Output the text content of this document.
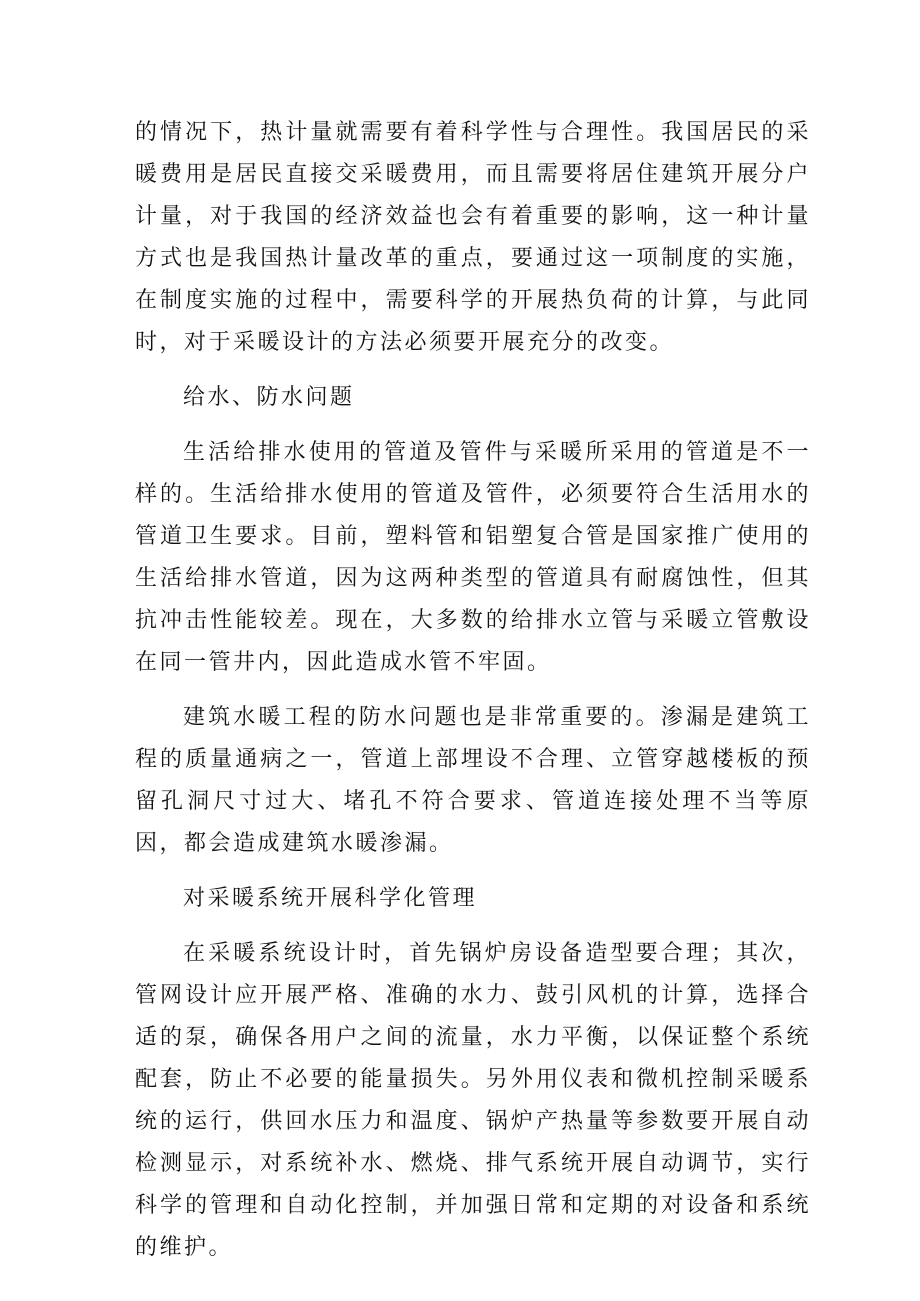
的情况下，热计量就需要有着科学性与合理性。我国居民的采暖费用是居民直接交采暖费用，而且需要将居住建筑开展分户计量，对于我国的经济效益也会有着重要的影响，这一种计量方式也是我国热计量改革的重点，要通过这一项制度的实施，在制度实施的过程中，需要科学的开展热负荷的计算，与此同时，对于采暖设计的方法必须要开展充分的改变。

给水、防水问题

生活给排水使用的管道及管件与采暖所采用的管道是不一样的。生活给排水使用的管道及管件，必须要符合生活用水的管道卫生要求。目前，塑料管和铝塑复合管是国家推广使用的生活给排水管道，因为这两种类型的管道具有耐腐蚀性，但其抗冲击性能较差。现在，大多数的给排水立管与采暖立管敷设在同一管井内，因此造成水管不牢固。

建筑水暖工程的防水问题也是非常重要的。渗漏是建筑工程的质量通病之一，管道上部埋设不合理、立管穿越楼板的预留孔洞尺寸过大、堵孔不符合要求、管道连接处理不当等原因，都会造成建筑水暖渗漏。

对采暖系统开展科学化管理

在采暖系统设计时，首先锅炉房设备造型要合理；其次，管网设计应开展严格、准确的水力、鼓引风机的计算，选择合适的泵，确保各用户之间的流量，水力平衡，以保证整个系统配套，防止不必要的能量损失。另外用仪表和微机控制采暖系统的运行，供回水压力和温度、锅炉产热量等参数要开展自动检测显示，对系统补水、燃烧、排气系统开展自动调节，实行科学的管理和自动化控制，并加强日常和定期的对设备和系统的维护。
